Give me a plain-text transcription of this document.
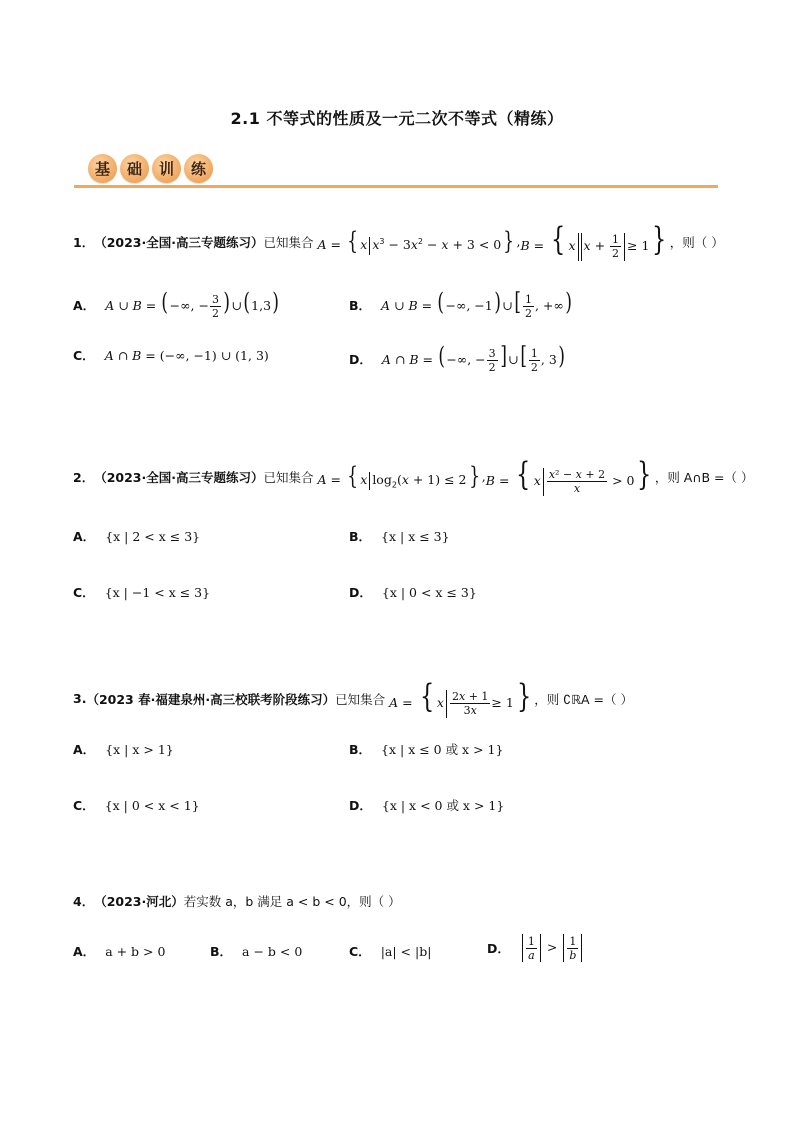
2.1 不等式的性质及一元二次不等式（精练）
基	础	训	练
1． （2023·全国·高三专题练习） 已知集合 A = { x $x^3 - 3x^2 - x + 3 < 0$} , B = { x $x + \frac{1}{2} \ge 1$} ，则（ ）
A． A ∪ B = (−∞, − $\frac{3}{2}$ )∪(1,3)	B． A ∪ B = (−∞, −1)∪[ $\frac{1}{2}$ , +∞)
C． A ∩ B = (−∞, −1) ∪ (1, 3)	D． A ∩ B = (−∞, − $\frac{3}{2}$ ]∪[ $\frac{1}{2}$ , 3)
2． （2023·全国·高三专题练习） 已知集合 A = { x $\log_2(x + 1) \le 2$} , B = { x $\frac{\text{x² − x + 2}}{x} > 0$} ，则 A∩B =（ ）
A． {x | 2 < x ≤ 3}	B． {x | x ≤ 3}
C． {x | −1 < x ≤ 3}	D． {x | 0 < x ≤ 3}
3. （2023 春·福建泉州·高三校联考阶段练习） 已知集合 A = { x $\frac{2x + 1}{3x} \ge 1$} ，则 ∁ℝA =（ ）
A． {x | x > 1}	B． {x | x ≤ 0 或 x > 1}
C． {x | 0 < x < 1}	D． {x | x < 0 或 x > 1}
4． （2023·河北） 若实数 a，b 满足 a < b < 0，则（ ）
A． a + b > 0	B． a − b < 0	C． |a| < |b|	D． $\frac{1}{a} > \frac{1}{b}$
